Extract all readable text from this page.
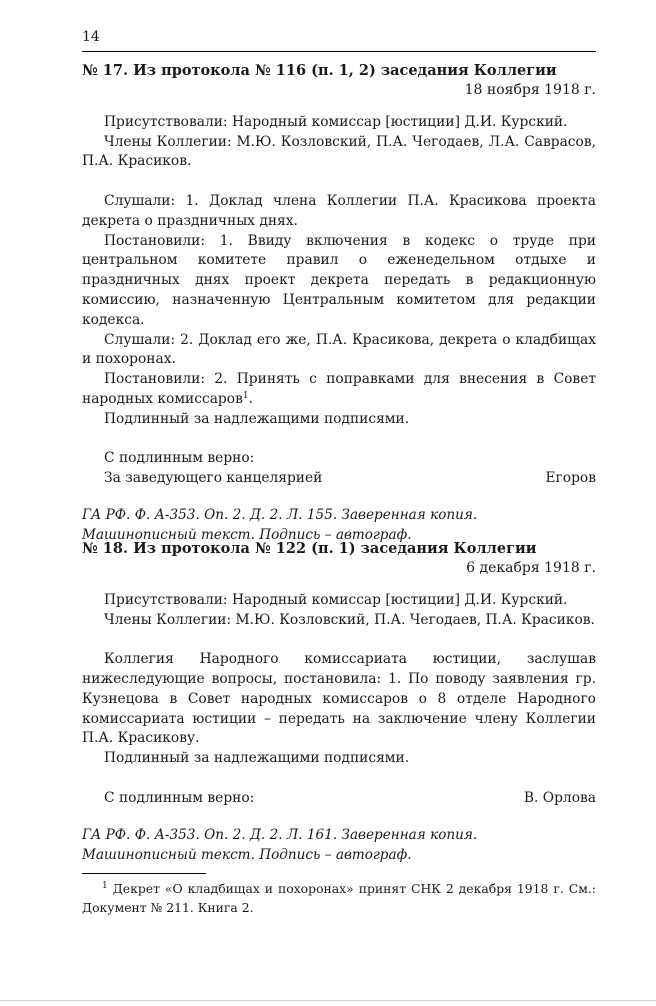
14

№ 17. Из протокола № 116 (п. 1, 2) заседания Коллегии

18 ноября 1918 г.

Присутствовали: Народный комиссар [юстиции] Д.И. Курский.

Члены Коллегии: М.Ю. Козловский, П.А. Чегодаев, Л.А. Саврасов, П.А. Красиков.

Слушали: 1. Доклад члена Коллегии П.А. Красикова проекта декрета о праздничных днях.

Постановили: 1. Ввиду включения в кодекс о труде при центральном комитете правил о еженедельном отдыхе и праздничных днях проект декрета передать в редакционную комиссию, назначенную Центральным комитетом для редакции кодекса.

Слушали: 2. Доклад его же, П.А. Красикова, декрета о кладбищах и похоронах.

Постановили: 2. Принять с поправками для внесения в Совет народных комиссаров$^1$.

Подлинный за надлежащими подписями.

С подлинным верно:

За заведующего канцелярией	Егоров

ГА РФ. Ф. А-353. Оп. 2. Д. 2. Л. 155. Заверенная копия.

Машинописный текст. Подпись – автограф.

№ 18. Из протокола № 122 (п. 1) заседания Коллегии

6 декабря 1918 г.

Присутствовали: Народный комиссар [юстиции] Д.И. Курский.

Члены Коллегии: М.Ю. Козловский, П.А. Чегодаев, П.А. Красиков.

Коллегия Народного комиссариата юстиции, заслушав нижеследующие вопросы, постановила: 1. По поводу заявления гр. Кузнецова в Совет народных комиссаров о 8 отделе Народного комиссариата юстиции – передать на заключение члену Коллегии П.А. Красикову.

Подлинный за надлежащими подписями.

С подлинным верно:	В. Орлова

ГА РФ. Ф. А-353. Оп. 2. Д. 2. Л. 161. Заверенная копия.

Машинописный текст. Подпись – автограф.

$^1$ Декрет «О кладбищах и похоронах» принят СНК 2 декабря 1918 г. См.: Документ № 211. Книга 2.
